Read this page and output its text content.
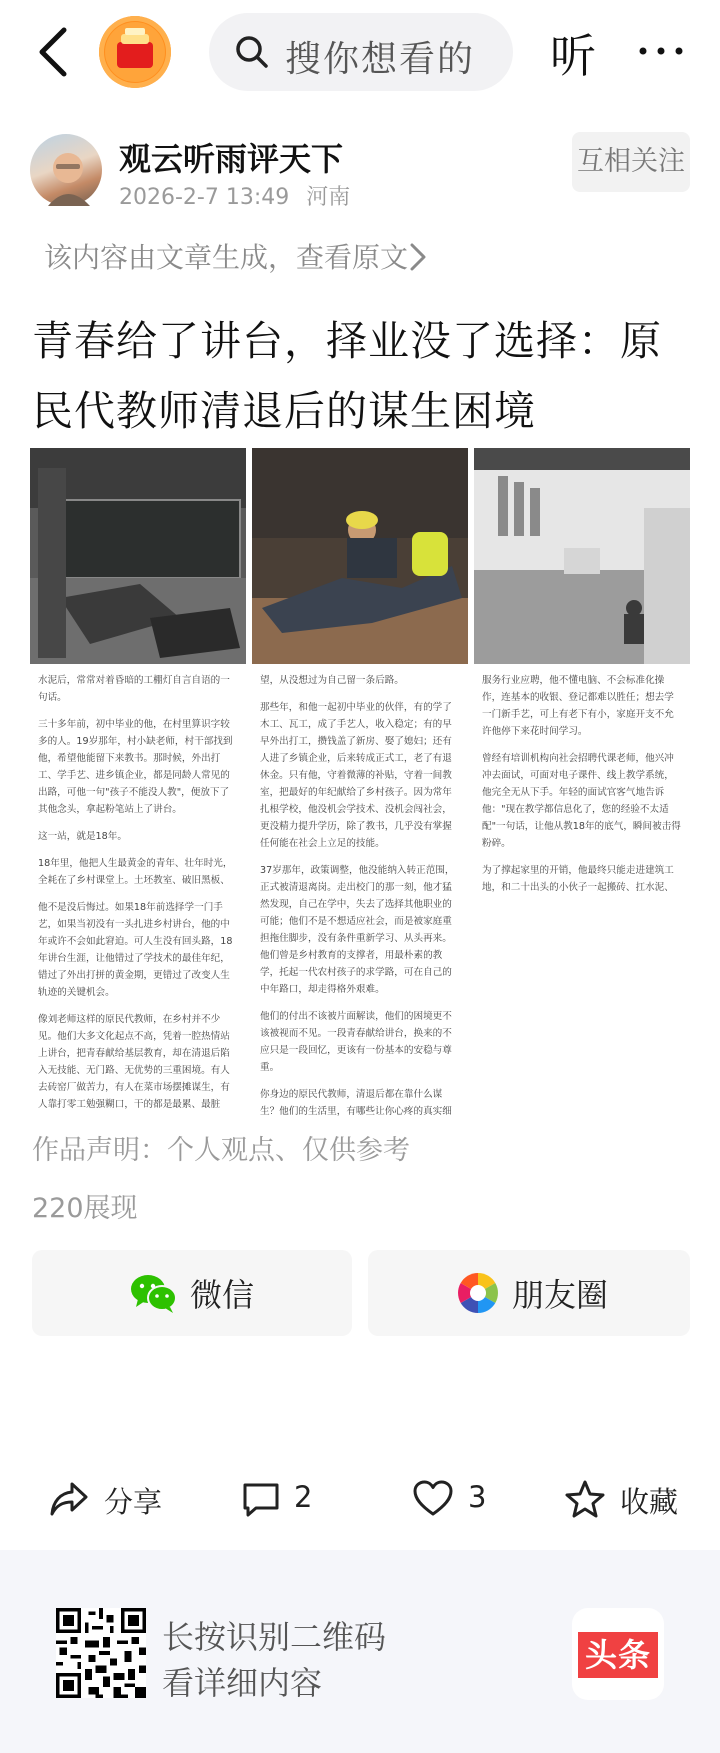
搜你想看的 听
观云听雨评天下
2026-2-7 13:49 河南
互相关注
该内容由文章生成，查看原文
青春给了讲台，择业没了选择：原民代教师清退后的谋生困境

水泥后，常常对着昏暗的工棚灯自言自语的一句话。

三十多年前，初中毕业的他，在村里算识字较多的人。19岁那年，村小缺老师，村干部找到他，希望他能留下来教书。那时候，外出打工、学手艺、进乡镇企业，都是同龄人常见的出路，可他一句"孩子不能没人教"，便放下了其他念头，拿起粉笔站上了讲台。

这一站，就是18年。

18年里，他把人生最黄金的青年、壮年时光，全耗在了乡村课堂上。土坯教室、破旧黑板、

他不是没后悔过。如果18年前选择学一门手艺，如果当初没有一头扎进乡村讲台，他的中年或许不会如此窘迫。可人生没有回头路，18年讲台生涯，让他错过了学技术的最佳年纪，错过了外出打拼的黄金期，更错过了改变人生轨迹的关键机会。

像刘老师这样的原民代教师，在乡村并不少见。他们大多文化起点不高，凭着一腔热情站上讲台，把青春献给基层教育，却在清退后陷入无技能、无门路、无优势的三重困境。有人去砖窑厂做苦力，有人在菜市场摆摊谋生，有人靠打零工勉强糊口，干的都是最累、最脏

望，从没想过为自己留一条后路。

那些年，和他一起初中毕业的伙伴，有的学了木工、瓦工，成了手艺人，收入稳定；有的早早外出打工，攒钱盖了新房、娶了媳妇；还有人进了乡镇企业，后来转成正式工，老了有退休金。只有他，守着微薄的补贴，守着一间教室，把最好的年纪献给了乡村孩子。因为常年扎根学校，他没机会学技术、没机会闯社会，更没精力提升学历，除了教书，几乎没有掌握任何能在社会上立足的技能。

37岁那年，政策调整，他没能纳入转正范围，正式被清退离岗。走出校门的那一刻，他才猛然发现，自己在学中，失去了选择其他职业的可能；他们不是不想适应社会，而是被家庭重担拖住脚步，没有条件重新学习、从头再来。他们曾是乡村教育的支撑者，用最朴素的教学，托起一代农村孩子的求学路，可在自己的中年路口，却走得格外艰难。

他们的付出不该被片面解读，他们的困境更不该被视而不见。一段青春献给讲台，换来的不应只是一段回忆，更该有一份基本的安稳与尊重。

你身边的原民代教师，清退后都在靠什么谋生？他们的生活里，有哪些让你心疼的真实细

服务行业应聘，他不懂电脑、不会标准化操作，连基本的收银、登记都难以胜任；想去学一门新手艺，可上有老下有小，家庭开支不允许他停下来花时间学习。

曾经有培训机构向社会招聘代课老师，他兴冲冲去面试，可面对电子课件、线上教学系统，他完全无从下手。年轻的面试官客气地告诉他："现在教学都信息化了，您的经验不太适配"一句话，让他从教18年的底气，瞬间被击得粉碎。

为了撑起家里的开销，他最终只能走进建筑工地，和二十出头的小伙子一起搬砖、扛水泥、

作品声明：个人观点、仅供参考
220展现
微信	朋友圈
分享	2	3	收藏
长按识别二维码
看详细内容
头条
